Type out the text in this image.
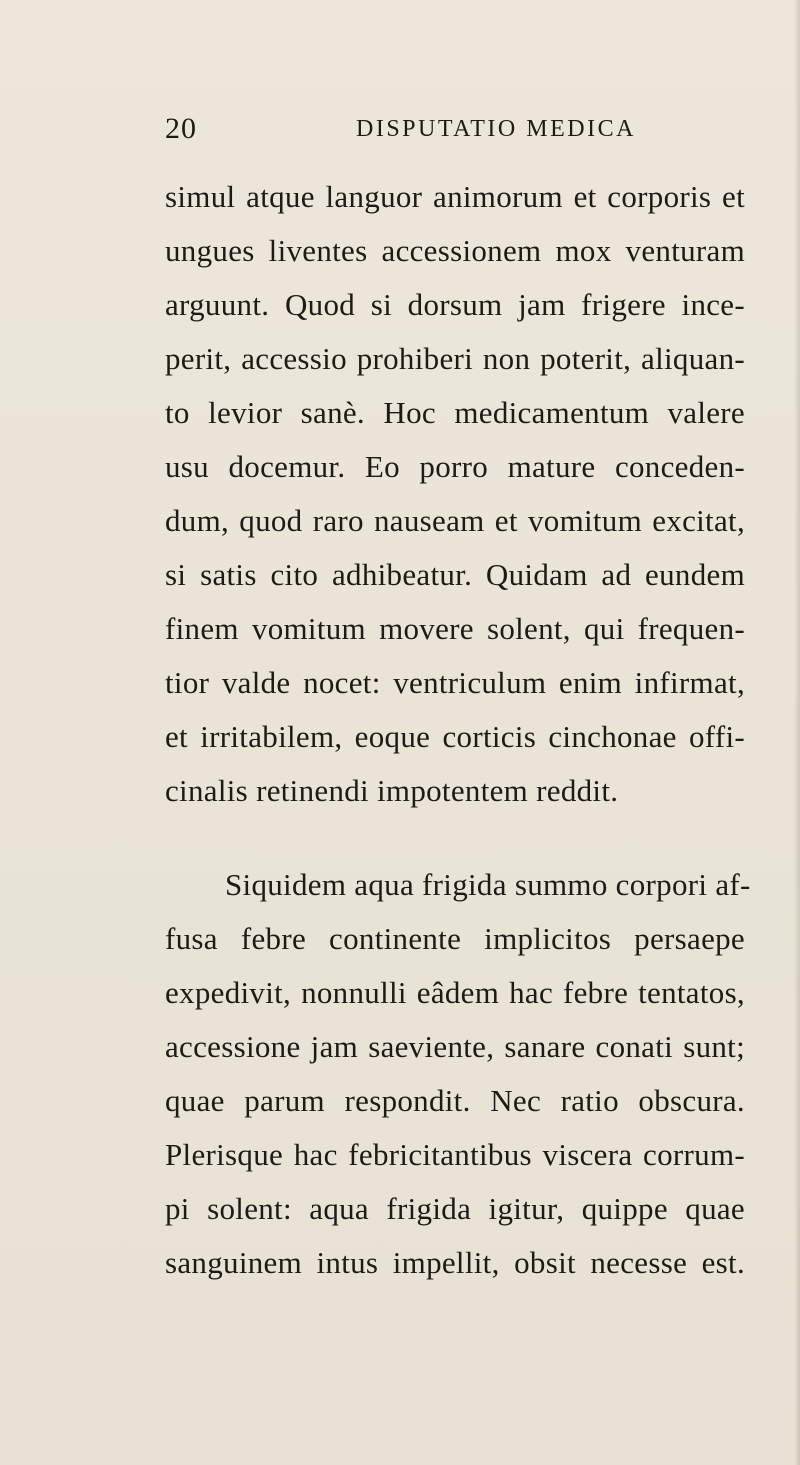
20	DISPUTATIO MEDICA
simul atque languor animorum et corporis et
ungues liventes accessionem mox venturam
arguunt. Quod si dorsum jam frigere ince-
perit, accessio prohiberi non poterit, aliquan-
to levior sanè. Hoc medicamentum valere
usu docemur. Eo porro mature conceden-
dum, quod raro nauseam et vomitum excitat,
si satis cito adhibeatur. Quidam ad eundem
finem vomitum movere solent, qui frequen-
tior valde nocet: ventriculum enim infirmat,
et irritabilem, eoque corticis cinchonae offi-
cinalis retinendi impotentem reddit.
Siquidem aqua frigida summo corpori af-
fusa febre continente implicitos persaepe
expedivit, nonnulli eâdem hac febre tentatos,
accessione jam saeviente, sanare conati sunt;
quae parum respondit. Nec ratio obscura.
Plerisque hac febricitantibus viscera corrum-
pi solent: aqua frigida igitur, quippe quae
sanguinem intus impellit, obsit necesse est.
